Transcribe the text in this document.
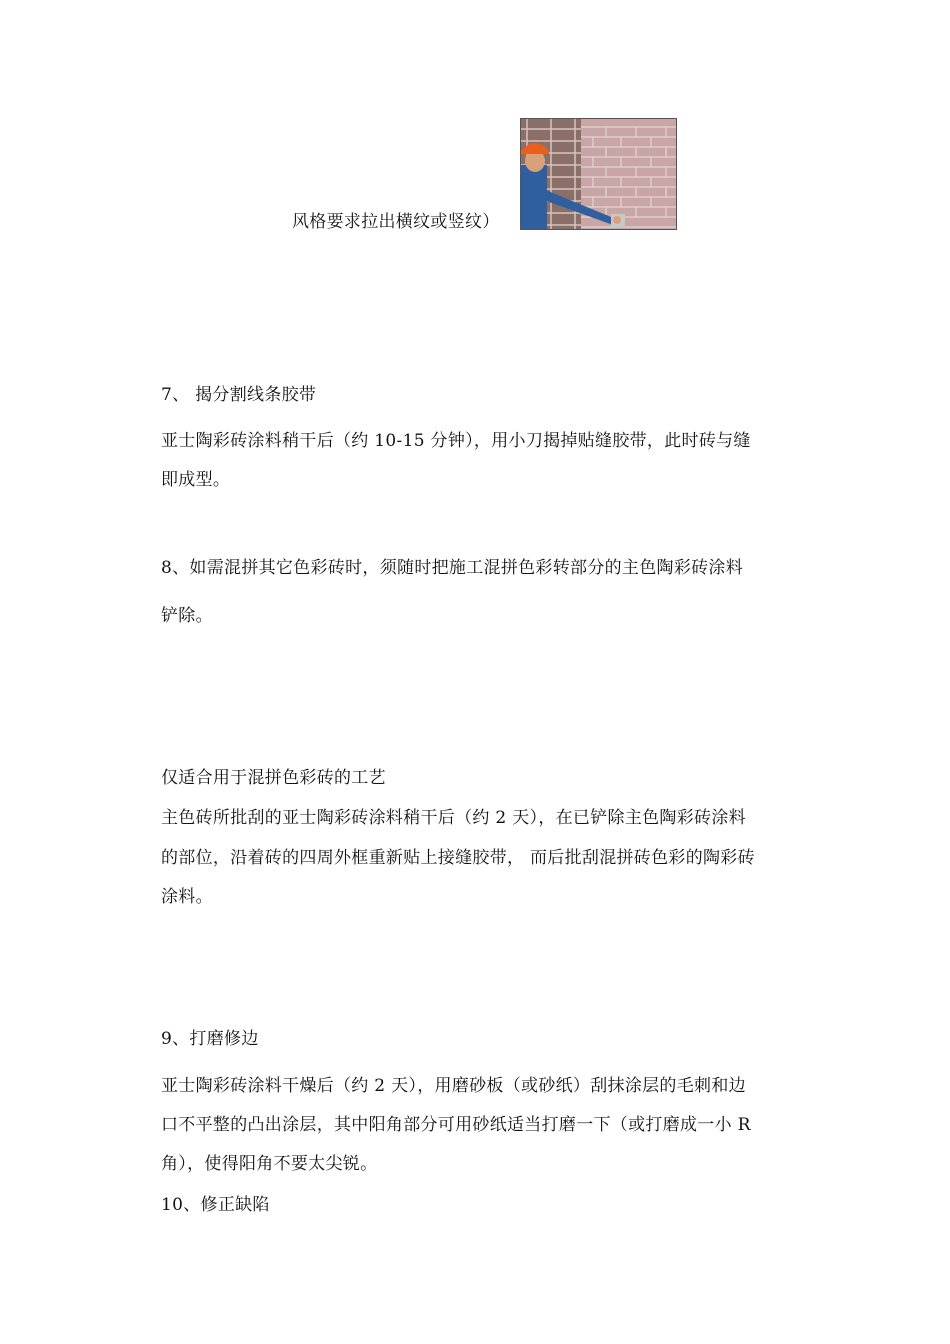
风格要求拉出横纹或竖纹）
7、 揭分割线条胶带
亚士陶彩砖涂料稍干后（约 10-15 分钟），用小刀揭掉贴缝胶带，此时砖与缝
即成型。
8、如需混拼其它色彩砖时，须随时把施工混拼色彩转部分的主色陶彩砖涂料
铲除。
仅适合用于混拼色彩砖的工艺
主色砖所批刮的亚士陶彩砖涂料稍干后（约 2 天），在已铲除主色陶彩砖涂料
的部位，沿着砖的四周外框重新贴上接缝胶带， 而后批刮混拼砖色彩的陶彩砖
涂料。
9、打磨修边
亚士陶彩砖涂料干燥后（约 2 天），用磨砂板（或砂纸）刮抹涂层的毛刺和边
口不平整的凸出涂层，其中阳角部分可用砂纸适当打磨一下（或打磨成一小 R
角），使得阳角不要太尖锐。
10、修正缺陷
